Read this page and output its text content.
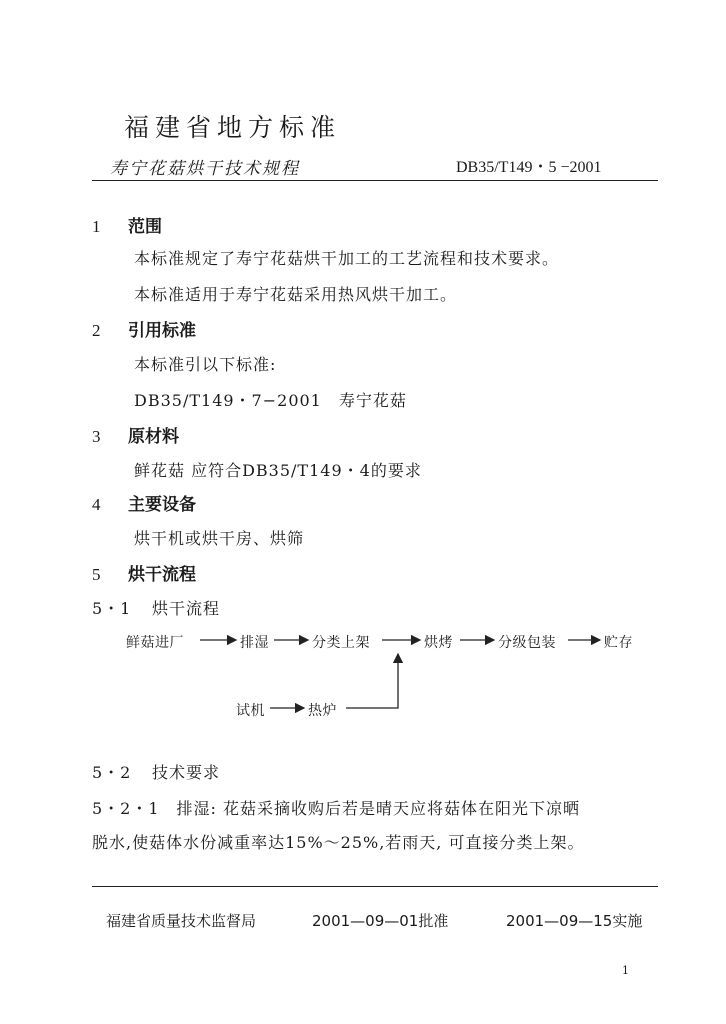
福建省地方标准
寿宁花菇烘干技术规程	DB35/T149・5 −2001
1 范围
本标准规定了寿宁花菇烘干加工的工艺流程和技术要求。
本标准适用于寿宁花菇采用热风烘干加工。
2 引用标准
本标准引以下标准:
DB35/T149・7−2001　寿宁花菇
3 原材料
鲜花菇 应符合DB35/T149・4的要求
4 主要设备
烘干机或烘干房、烘筛
5 烘干流程
5・1 烘干流程
鲜菇进厂	排湿	分类上架	烘烤	分级包装	贮存
试机	热炉
5・2 技术要求
5・2・1　排湿: 花菇采摘收购后若是晴天应将菇体在阳光下凉晒
脱水,使菇体水份减重率达15%～25%,若雨天, 可直接分类上架。
福建省质量技术监督局	2001—09—01批准	2001—09—15实施
1
